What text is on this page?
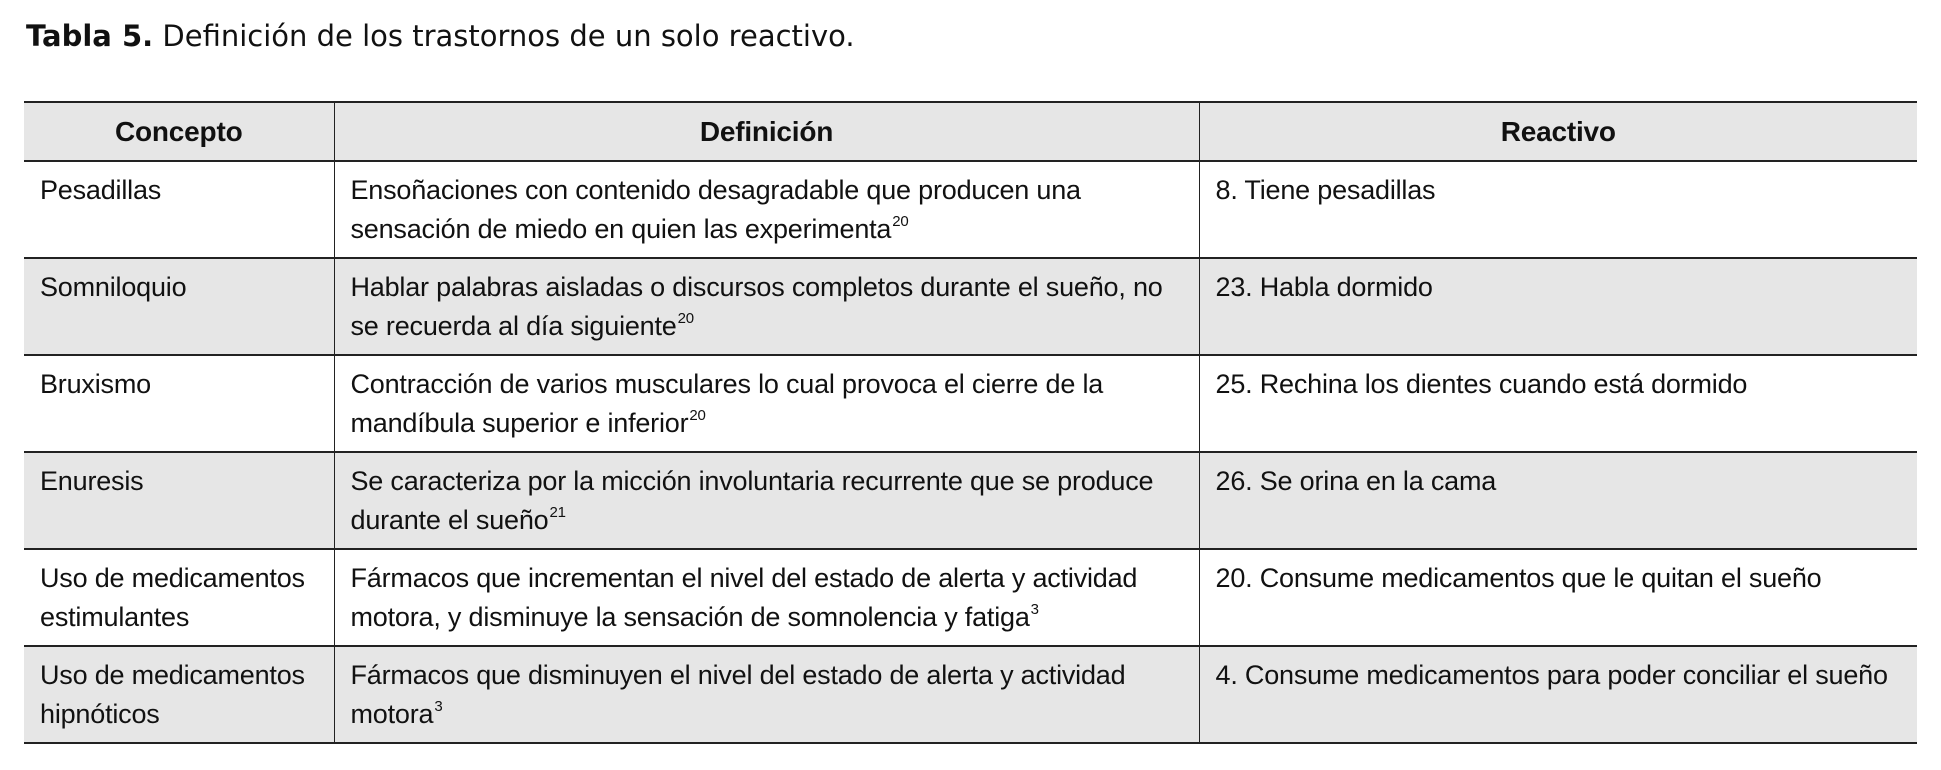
Tabla 5. Definición de los trastornos de un solo reactivo.
Concepto	Definición	Reactivo
Pesadillas	Ensoñaciones con contenido desagradable que producen una sensación de miedo en quien las experimenta$^{20}$	8. Tiene pesadillas
Somniloquio	Hablar palabras aisladas o discursos completos durante el sueño, no se recuerda al día siguiente$^{20}$	23. Habla dormido
Bruxismo	Contracción de varios musculares lo cual provoca el cierre de la mandíbula superior e inferior$^{20}$	25. Rechina los dientes cuando está dormido
Enuresis	Se caracteriza por la micción involuntaria recurrente que se produce durante el sueño$^{21}$	26. Se orina en la cama
Uso de medicamentos estimulantes	Fármacos que incrementan el nivel del estado de alerta y actividad motora, y disminuye la sensación de somnolencia y fatiga$^3$	20. Consume medicamentos que le quitan el sueño
Uso de medicamentos hipnóticos	Fármacos que disminuyen el nivel del estado de alerta y actividad motora$^3$	4. Consume medicamentos para poder conciliar el sueño
